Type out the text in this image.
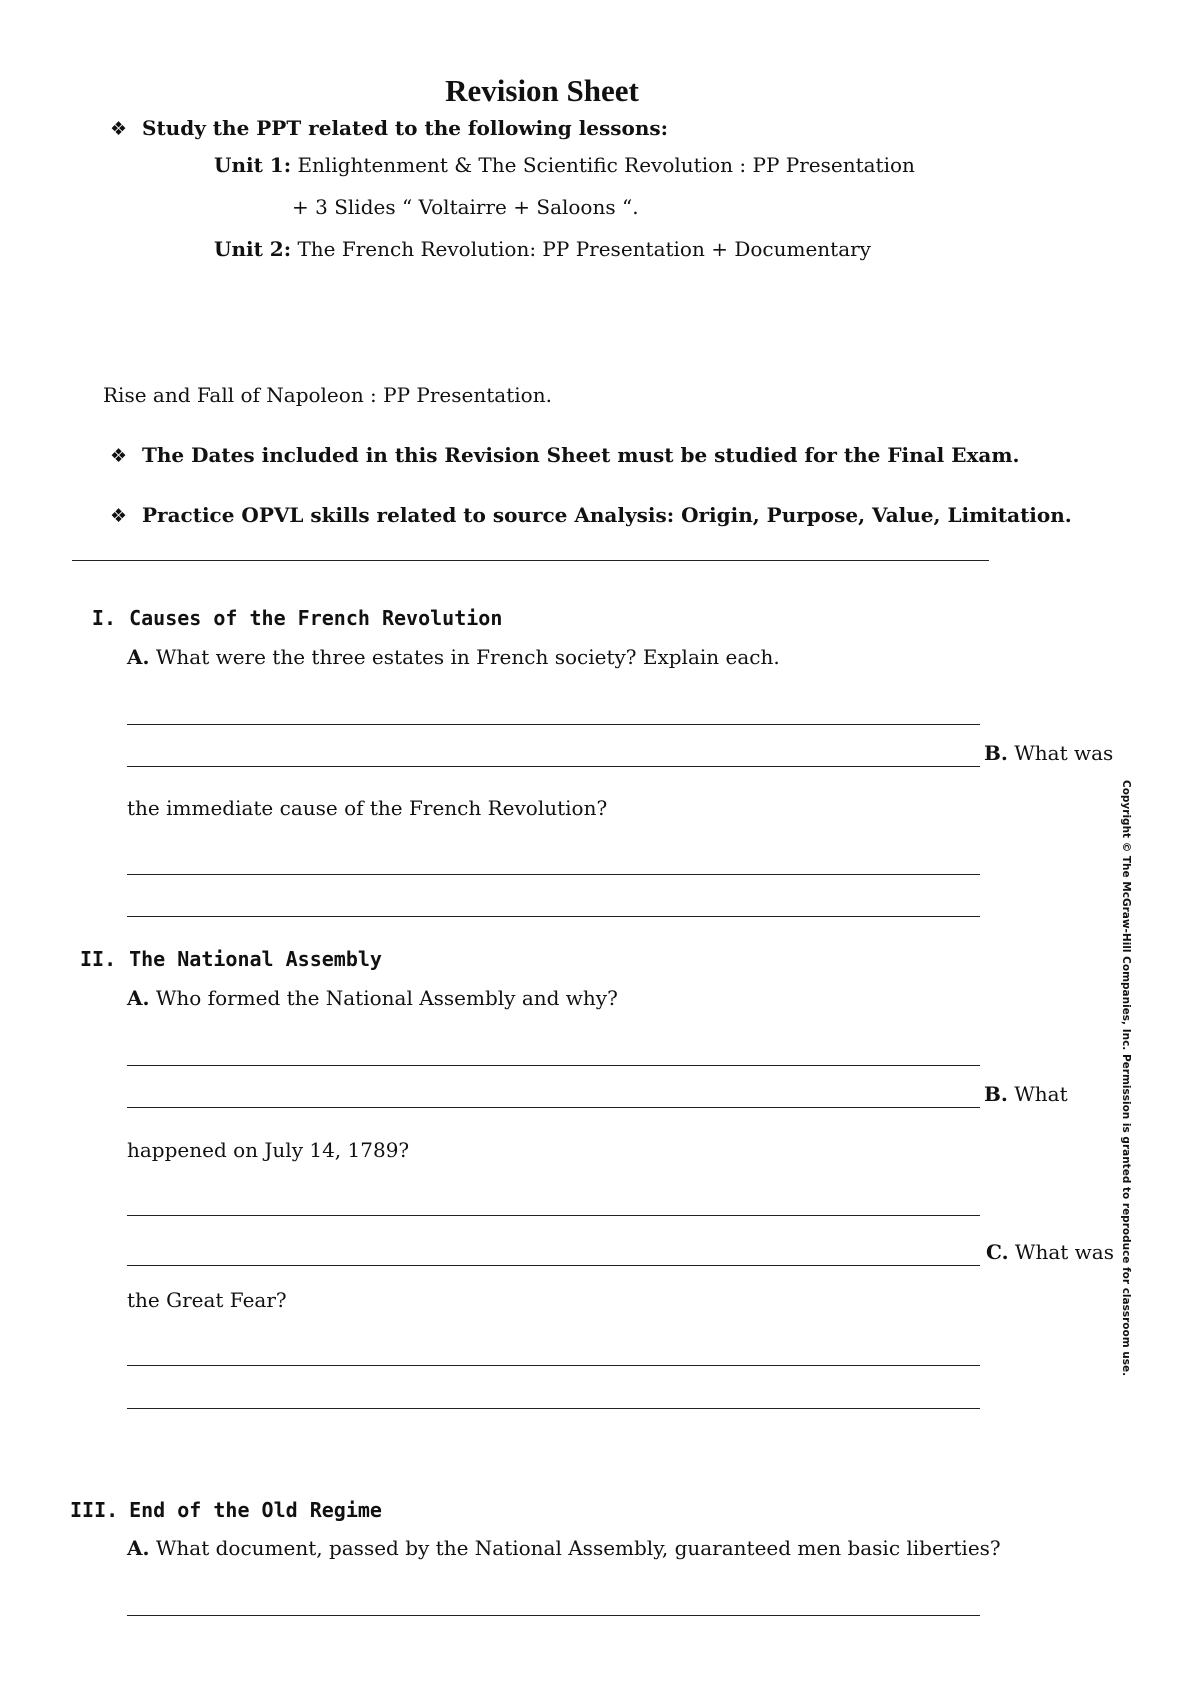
Revision Sheet
❖ Study the PPT related to the following lessons:
Unit 1: Enlightenment & The Scientific Revolution : PP Presentation
+ 3 Slides “ Voltairre + Saloons “.
Unit 2: The French Revolution: PP Presentation + Documentary
Rise and Fall of Napoleon : PP Presentation.
❖ The Dates included in this Revision Sheet must be studied for the Final Exam.
❖ Practice OPVL skills related to source Analysis: Origin, Purpose, Value, Limitation.
I. Causes of the French Revolution
A. What were the three estates in French society? Explain each.
B. What was
the immediate cause of the French Revolution?
II. The National Assembly
A. Who formed the National Assembly and why?
B. What
happened on July 14, 1789?
C. What was
the Great Fear?
III. End of the Old Regime
A. What document, passed by the National Assembly, guaranteed men basic liberties?
Copyright © The McGraw-Hill Companies, Inc. Permission is granted to reproduce for classroom use.
